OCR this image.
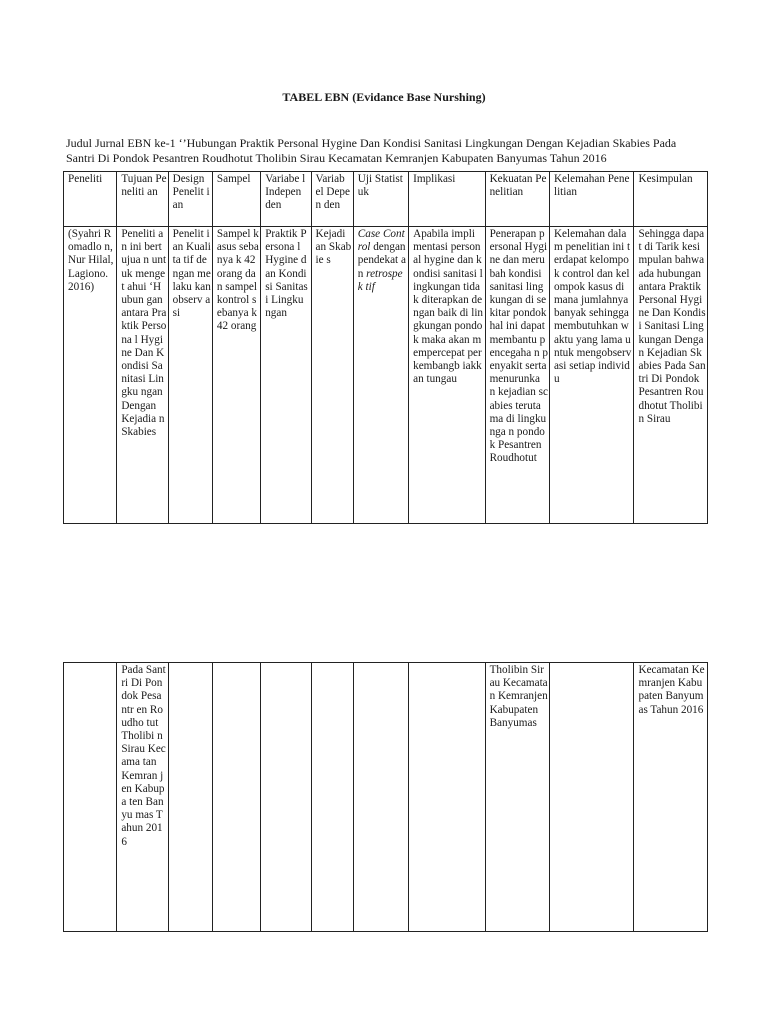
TABEL EBN (Evidance Base Nurshing)
Judul Jurnal EBN ke-1 ‘’Hubungan Praktik Personal Hygine Dan Kondisi Sanitasi Lingkungan Dengan Kejadian Skabies Pada Santri Di Pondok Pesantren Roudhotut Tholibin Sirau Kecamatan Kemranjen Kabupaten Banyumas Tahun 2016
Peneliti	Tujuan Peneliti an	Design Penelit ian	Sampel	Variabe l Indepen den	Variab el Depen den	Uji Statistuk	Implikasi	Kekuatan Penelitian	Kelemahan Penelitian	Kesimpulan
(Syahri Romadlo n, Nur Hilal, Lagiono. 2016)	Peneliti an ini bertujua n untuk menget ahui ‘Hubun gan antara Praktik Persona l Hygine Dan Kondisi Sanitasi Lingku ngan Dengan Kejadia n Skabies	Penelit ian Kualita tif dengan melaku kan observ asi	Sampel kasus sebanya k 42 orang dan sampel kontrol sebanya k 42 orang	Praktik Persona l Hygine dan Kondisi Sanitasi Lingku ngan	Kejadi an Skabie s	Case Control dengan pendekat an retrospek tif	Apabila implimentasi personal hygine dan kondisi sanitasi lingkungan tidak diterapkan dengan baik di lingkungan pondok maka akan mempercepat perkembangb iakkan tungau	Penerapan personal Hygine dan merubah kondisi sanitasi lingkungan di sekitar pondok hal ini dapat membantu pencegaha n penyakit serta menurunka n kejadian scabies terutama di lingkunga n pondok Pesantren Roudhotut	Kelemahan dalam penelitian ini terdapat kelompok control dan kelompok kasus dimana jumlahnya banyak sehingga membutuhkan waktu yang lama untuk mengobservasi setiap individu	Sehingga dapat di Tarik kesimpulan bahwa ada hubungan antara Praktik Personal Hygine Dan Kondisi Sanitasi Lingkungan Dengan Kejadian Skabies Pada Santri Di Pondok Pesantren Roudhotut Tholibin Sirau
	Pada Santri Di Pondok Pesantr en Roudho tut Tholibi n Sirau Kecama tan Kemran jen Kabupa ten Banyu mas Tahun 2016							Tholibin Sirau Kecamatan Kemranjen Kabupaten Banyumas		Kecamatan Kemranjen Kabupaten Banyumas Tahun 2016
